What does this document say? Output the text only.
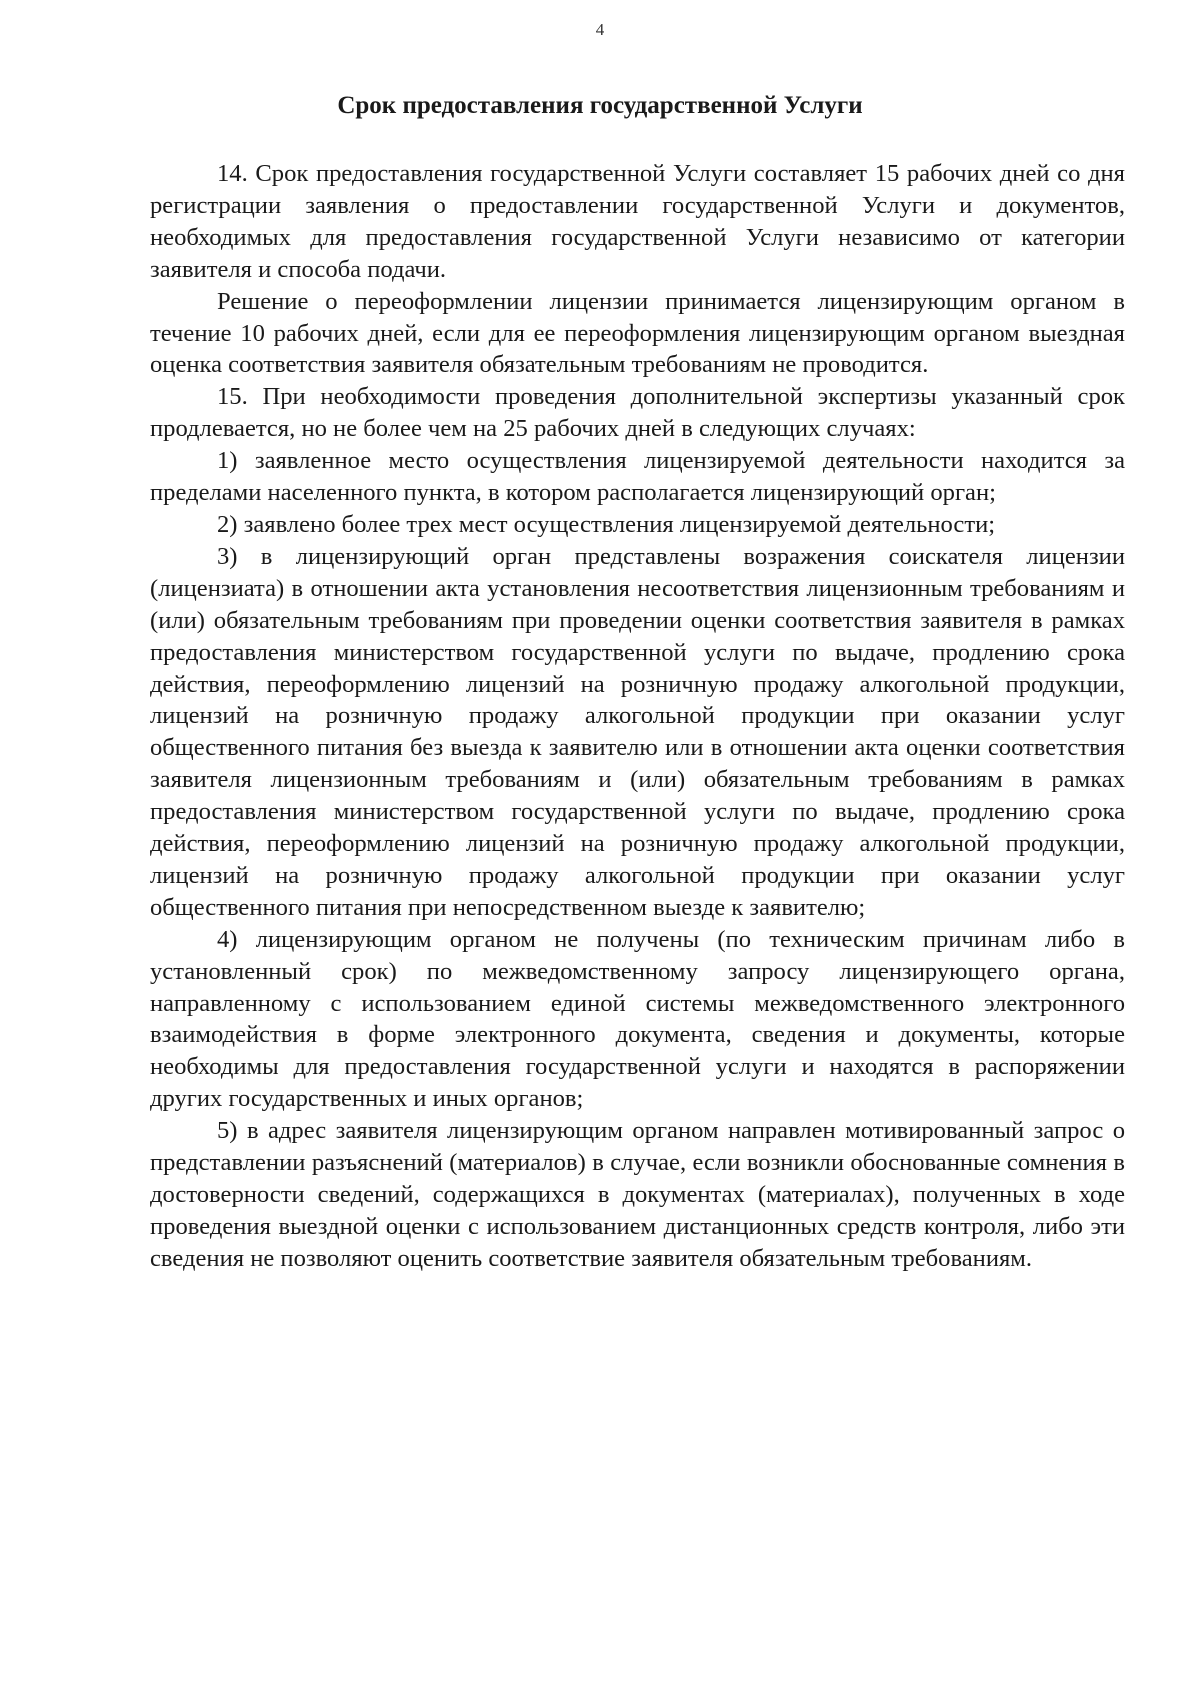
4
Срок предоставления государственной Услуги

14. Срок предоставления государственной Услуги составляет 15 рабочих дней со дня регистрации заявления о предоставлении государственной Услуги и документов, необходимых для предоставления государственной Услуги независимо от категории заявителя и способа подачи.

Решение о переоформлении лицензии принимается лицензирующим органом в течение 10 рабочих дней, если для ее переоформления лицензирующим органом выездная оценка соответствия заявителя обязательным требованиям не проводится.

15. При необходимости проведения дополнительной экспертизы указанный срок продлевается, но не более чем на 25 рабочих дней в следующих случаях:

1) заявленное место осуществления лицензируемой деятельности находится за пределами населенного пункта, в котором располагается лицензирующий орган;

2) заявлено более трех мест осуществления лицензируемой деятельности;

3) в лицензирующий орган представлены возражения соискателя лицензии (лицензиата) в отношении акта установления несоответствия лицензионным требованиям и (или) обязательным требованиям при проведении оценки соответствия заявителя в рамках предоставления министерством государственной услуги по выдаче, продлению срока действия, переоформлению лицензий на розничную продажу алкогольной продукции, лицензий на розничную продажу алкогольной продукции при оказании услуг общественного питания без выезда к заявителю или в отношении акта оценки соответствия заявителя лицензионным требованиям и (или) обязательным требованиям в рамках предоставления министерством государственной услуги по выдаче, продлению срока действия, переоформлению лицензий на розничную продажу алкогольной продукции, лицензий на розничную продажу алкогольной продукции при оказании услуг общественного питания при непосредственном выезде к заявителю;

4) лицензирующим органом не получены (по техническим причинам либо в установленный срок) по межведомственному запросу лицензирующего органа, направленному с использованием единой системы межведомственного электронного взаимодействия в форме электронного документа, сведения и документы, которые необходимы для предоставления государственной услуги и находятся в распоряжении других государственных и иных органов;

5) в адрес заявителя лицензирующим органом направлен мотивированный запрос о представлении разъяснений (материалов) в случае, если возникли обоснованные сомнения в достоверности сведений, содержащихся в документах (материалах), полученных в ходе проведения выездной оценки с использованием дистанционных средств контроля, либо эти сведения не позволяют оценить соответствие заявителя обязательным требованиям.
